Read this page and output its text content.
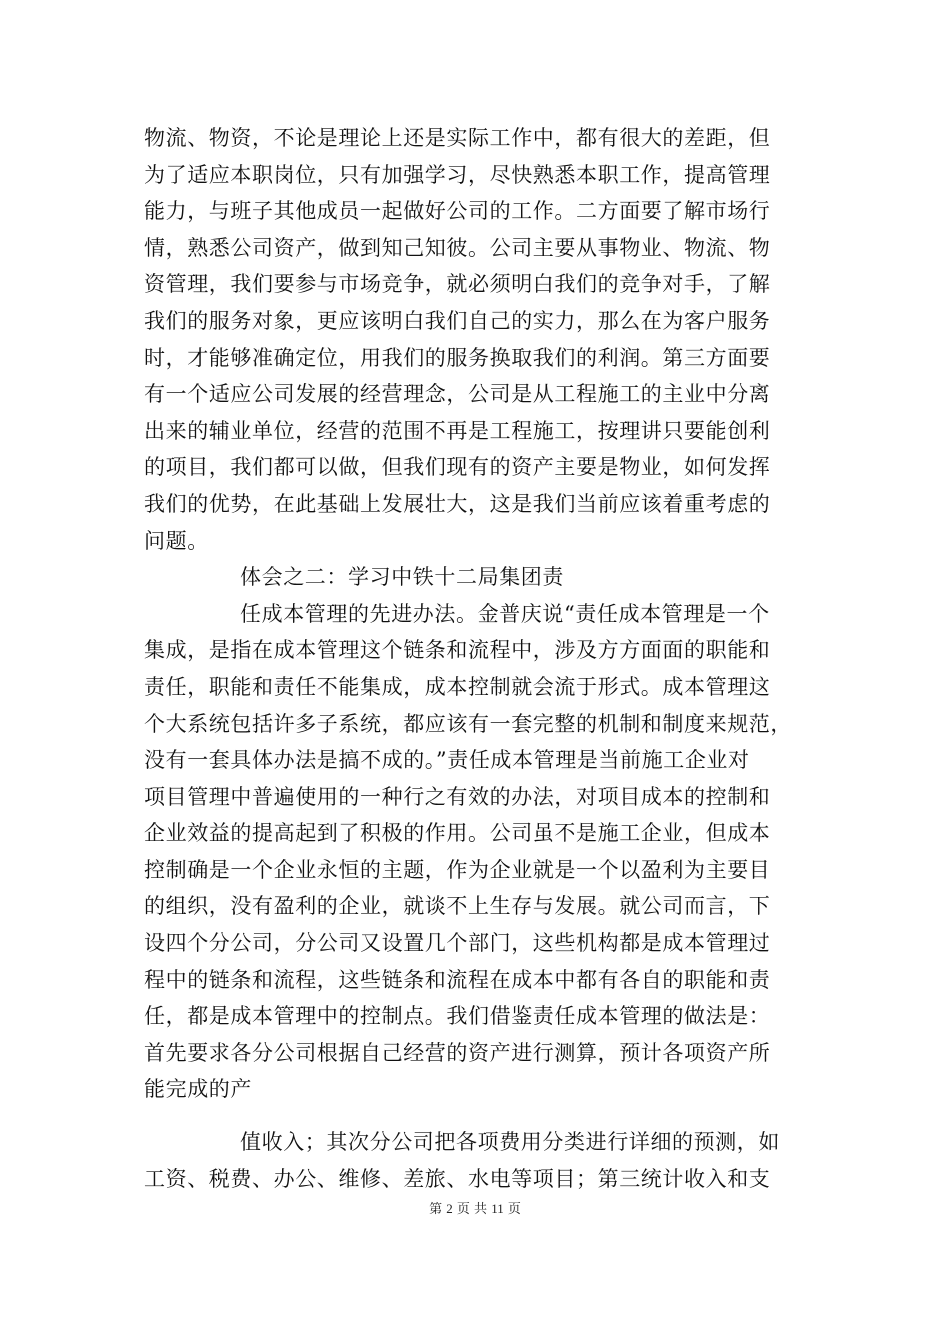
物流、物资，不论是理论上还是实际工作中，都有很大的差距，但
为了适应本职岗位，只有加强学习，尽快熟悉本职工作，提高管理
能力，与班子其他成员一起做好公司的工作。二方面要了解市场行
情，熟悉公司资产，做到知己知彼。公司主要从事物业、物流、物
资管理，我们要参与市场竞争，就必须明白我们的竞争对手，了解
我们的服务对象，更应该明白我们自己的实力，那么在为客户服务
时，才能够准确定位，用我们的服务换取我们的利润。第三方面要
有一个适应公司发展的经营理念，公司是从工程施工的主业中分离
出来的辅业单位，经营的范围不再是工程施工，按理讲只要能创利
的项目，我们都可以做，但我们现有的资产主要是物业，如何发挥
我们的优势，在此基础上发展壮大，这是我们当前应该着重考虑的
问题。
体会之二：学习中铁十二局集团责
任成本管理的先进办法。金普庆说“责任成本管理是一个
集成，是指在成本管理这个链条和流程中，涉及方方面面的职能和
责任，职能和责任不能集成，成本控制就会流于形式。成本管理这
个大系统包括许多子系统，都应该有一套完整的机制和制度来规范，
没有一套具体办法是搞不成的。”责任成本管理是当前施工企业对
项目管理中普遍使用的一种行之有效的办法，对项目成本的控制和
企业效益的提高起到了积极的作用。公司虽不是施工企业，但成本
控制确是一个企业永恒的主题，作为企业就是一个以盈利为主要目
的组织，没有盈利的企业，就谈不上生存与发展。就公司而言，下
设四个分公司，分公司又设置几个部门，这些机构都是成本管理过
程中的链条和流程，这些链条和流程在成本中都有各自的职能和责
任，都是成本管理中的控制点。我们借鉴责任成本管理的做法是：
首先要求各分公司根据自己经营的资产进行测算，预计各项资产所
能完成的产
值收入；其次分公司把各项费用分类进行详细的预测，如
工资、税费、办公、维修、差旅、水电等项目；第三统计收入和支
第 2 页 共 11 页
